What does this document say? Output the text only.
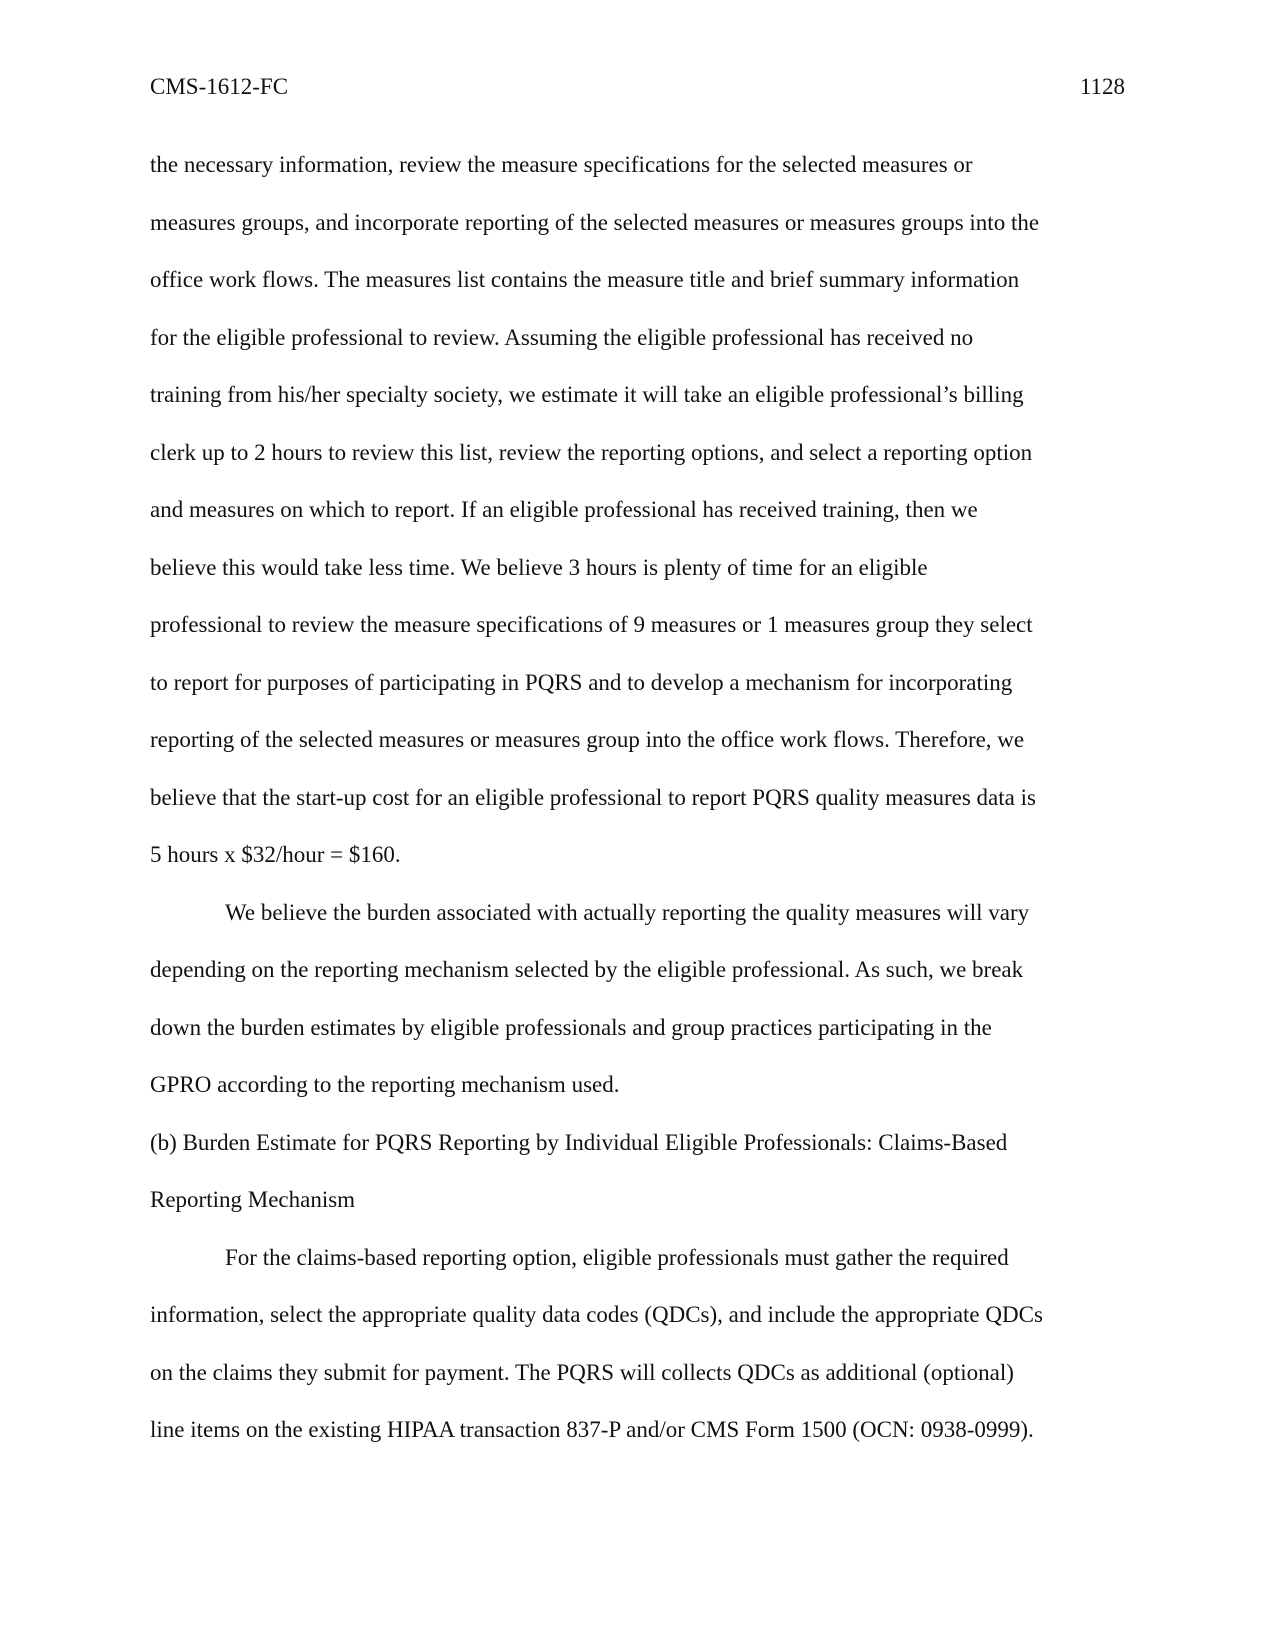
CMS-1612-FC	1128
the necessary information, review the measure specifications for the selected measures or
measures groups, and incorporate reporting of the selected measures or measures groups into the
office work flows. The measures list contains the measure title and brief summary information
for the eligible professional to review. Assuming the eligible professional has received no
training from his/her specialty society, we estimate it will take an eligible professional’s billing
clerk up to 2 hours to review this list, review the reporting options, and select a reporting option
and measures on which to report. If an eligible professional has received training, then we
believe this would take less time. We believe 3 hours is plenty of time for an eligible
professional to review the measure specifications of 9 measures or 1 measures group they select
to report for purposes of participating in PQRS and to develop a mechanism for incorporating
reporting of the selected measures or measures group into the office work flows. Therefore, we
believe that the start-up cost for an eligible professional to report PQRS quality measures data is
5 hours x $32/hour = $160.
We believe the burden associated with actually reporting the quality measures will vary
depending on the reporting mechanism selected by the eligible professional. As such, we break
down the burden estimates by eligible professionals and group practices participating in the
GPRO according to the reporting mechanism used.
(b) Burden Estimate for PQRS Reporting by Individual Eligible Professionals: Claims-Based
Reporting Mechanism
For the claims-based reporting option, eligible professionals must gather the required
information, select the appropriate quality data codes (QDCs), and include the appropriate QDCs
on the claims they submit for payment. The PQRS will collects QDCs as additional (optional)
line items on the existing HIPAA transaction 837-P and/or CMS Form 1500 (OCN: 0938-0999).
